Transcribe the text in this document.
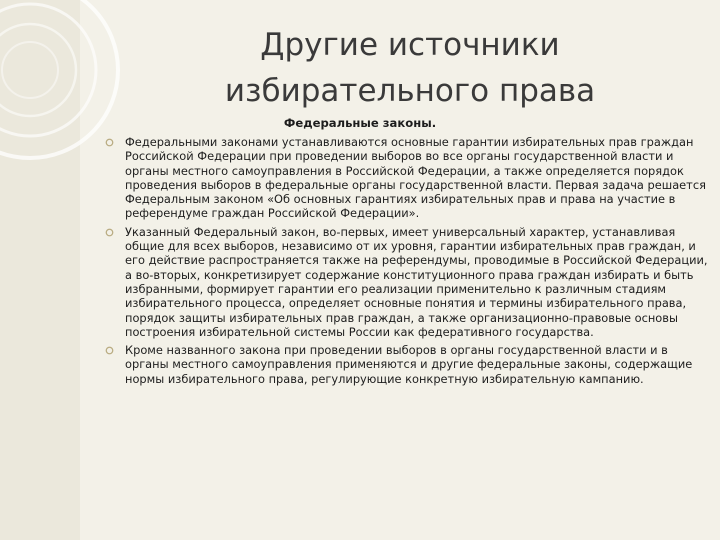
Другие источники
избирательного права

Федеральные законы.

Федеральными законами устанавливаются основные гарантии избирательных прав граждан Российской Федерации при проведении выборов во все органы государственной власти и органы местного самоуправления в Российской Федерации, а также определяется порядок проведения выборов в федеральные органы государственной власти. Первая задача решается Федеральным законом «Об основных гарантиях избирательных прав и права на участие в референдуме граждан Российской Федерации».
Указанный Федеральный закон, во-первых, имеет универсальный характер, устанавливая общие для всех выборов, независимо от их уровня, гарантии избирательных прав граждан, и его действие распространяется также на референдумы, проводимые в Российской Федерации, а во-вторых, конкретизирует содержание конституционного права граждан избирать и быть избранными, формирует гарантии его реализации применительно к различным стадиям избирательного процесса, определяет основные понятия и термины избирательного права, порядок защиты избирательных прав граждан, а также организационно-правовые основы построения избирательной системы России как федеративного государства.
Кроме названного закона при проведении выборов в органы государственной власти и в органы местного самоуправления применяются и другие федеральные законы, содержащие нормы избирательного права, регулирующие конкретную избирательную кампанию.
